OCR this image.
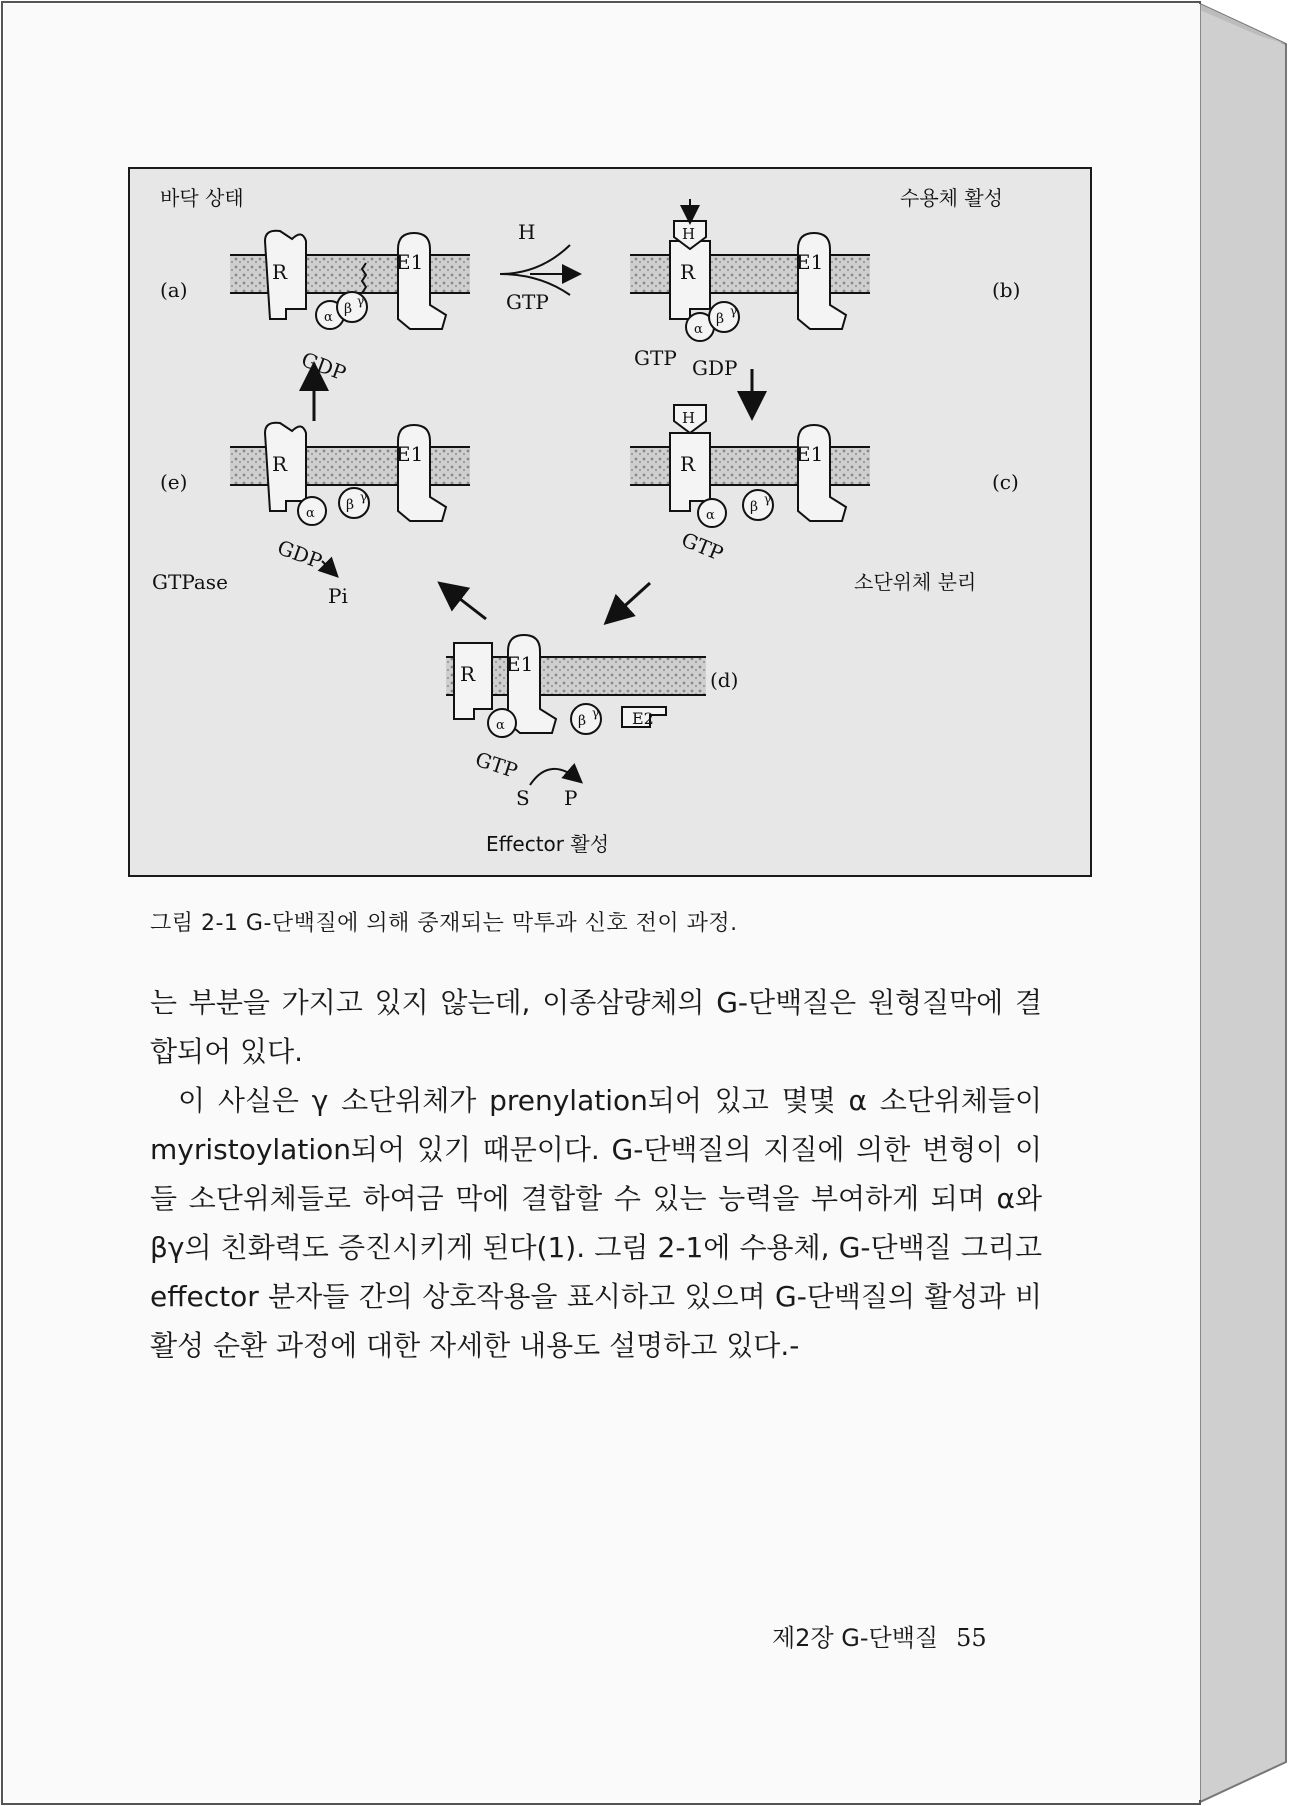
바닥 상태	수용체 활성
R	E1
α
β γ
(a)
GDP
H
GTP
H
R	E1
α
β γ
GTP GDP
(b)
R	E1
α
β γ
(e)
GDP
GTPase
Pi
H
R	E1
α
β γ
GTP
(c)
소단위체 분리
R E1
α	β γ E2
GTP
S P
(d)
Effector 활성
그림 2-1 G-단백질에 의해 중재되는 막투과 신호 전이 과정.

는 부분을 가지고 있지 않는데, 이종삼량체의 G-단백질은 원형질막에 결합되어 있다.

이 사실은 γ 소단위체가 prenylation되어 있고 몇몇 α 소단위체들이 myristoylation되어 있기 때문이다. G-단백질의 지질에 의한 변형이 이들 소단위체들로 하여금 막에 결합할 수 있는 능력을 부여하게 되며 α와 βγ의 친화력도 증진시키게 된다(1). 그림 2-1에 수용체, G-단백질 그리고 effector 분자들 간의 상호작용을 표시하고 있으며 G-단백질의 활성과 비활성 순환 과정에 대한 자세한 내용도 설명하고 있다.-

제2장 G-단백질 55
